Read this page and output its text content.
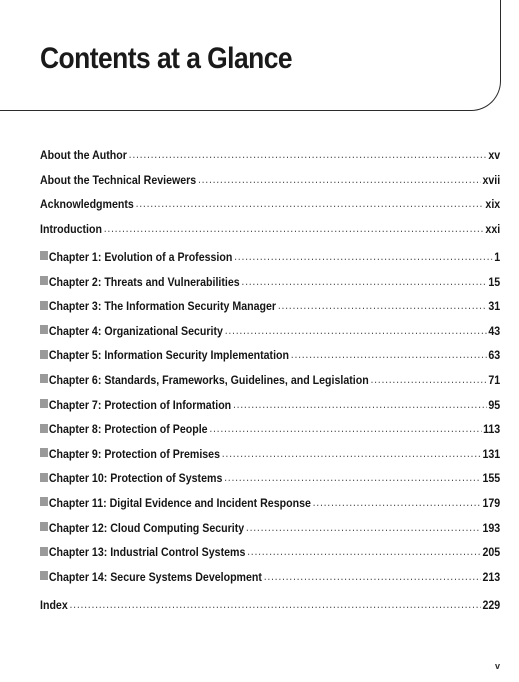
Contents at a Glance
About the Author .....	xv
About the Technical Reviewers .....	xvii
Acknowledgments .....	xix
Introduction .....	xxi
Chapter 1: Evolution of a Profession .....	1
Chapter 2: Threats and Vulnerabilities .....	15
Chapter 3: The Information Security Manager .....	31
Chapter 4: Organizational Security .....	43
Chapter 5: Information Security Implementation .....	63
Chapter 6: Standards, Frameworks, Guidelines, and Legislation .....	71
Chapter 7: Protection of Information .....	95
Chapter 8: Protection of People .....	113
Chapter 9: Protection of Premises .....	131
Chapter 10: Protection of Systems .....	155
Chapter 11: Digital Evidence and Incident Response .....	179
Chapter 12: Cloud Computing Security .....	193
Chapter 13: Industrial Control Systems .....	205
Chapter 14: Secure Systems Development .....	213
Index .....	229
v
